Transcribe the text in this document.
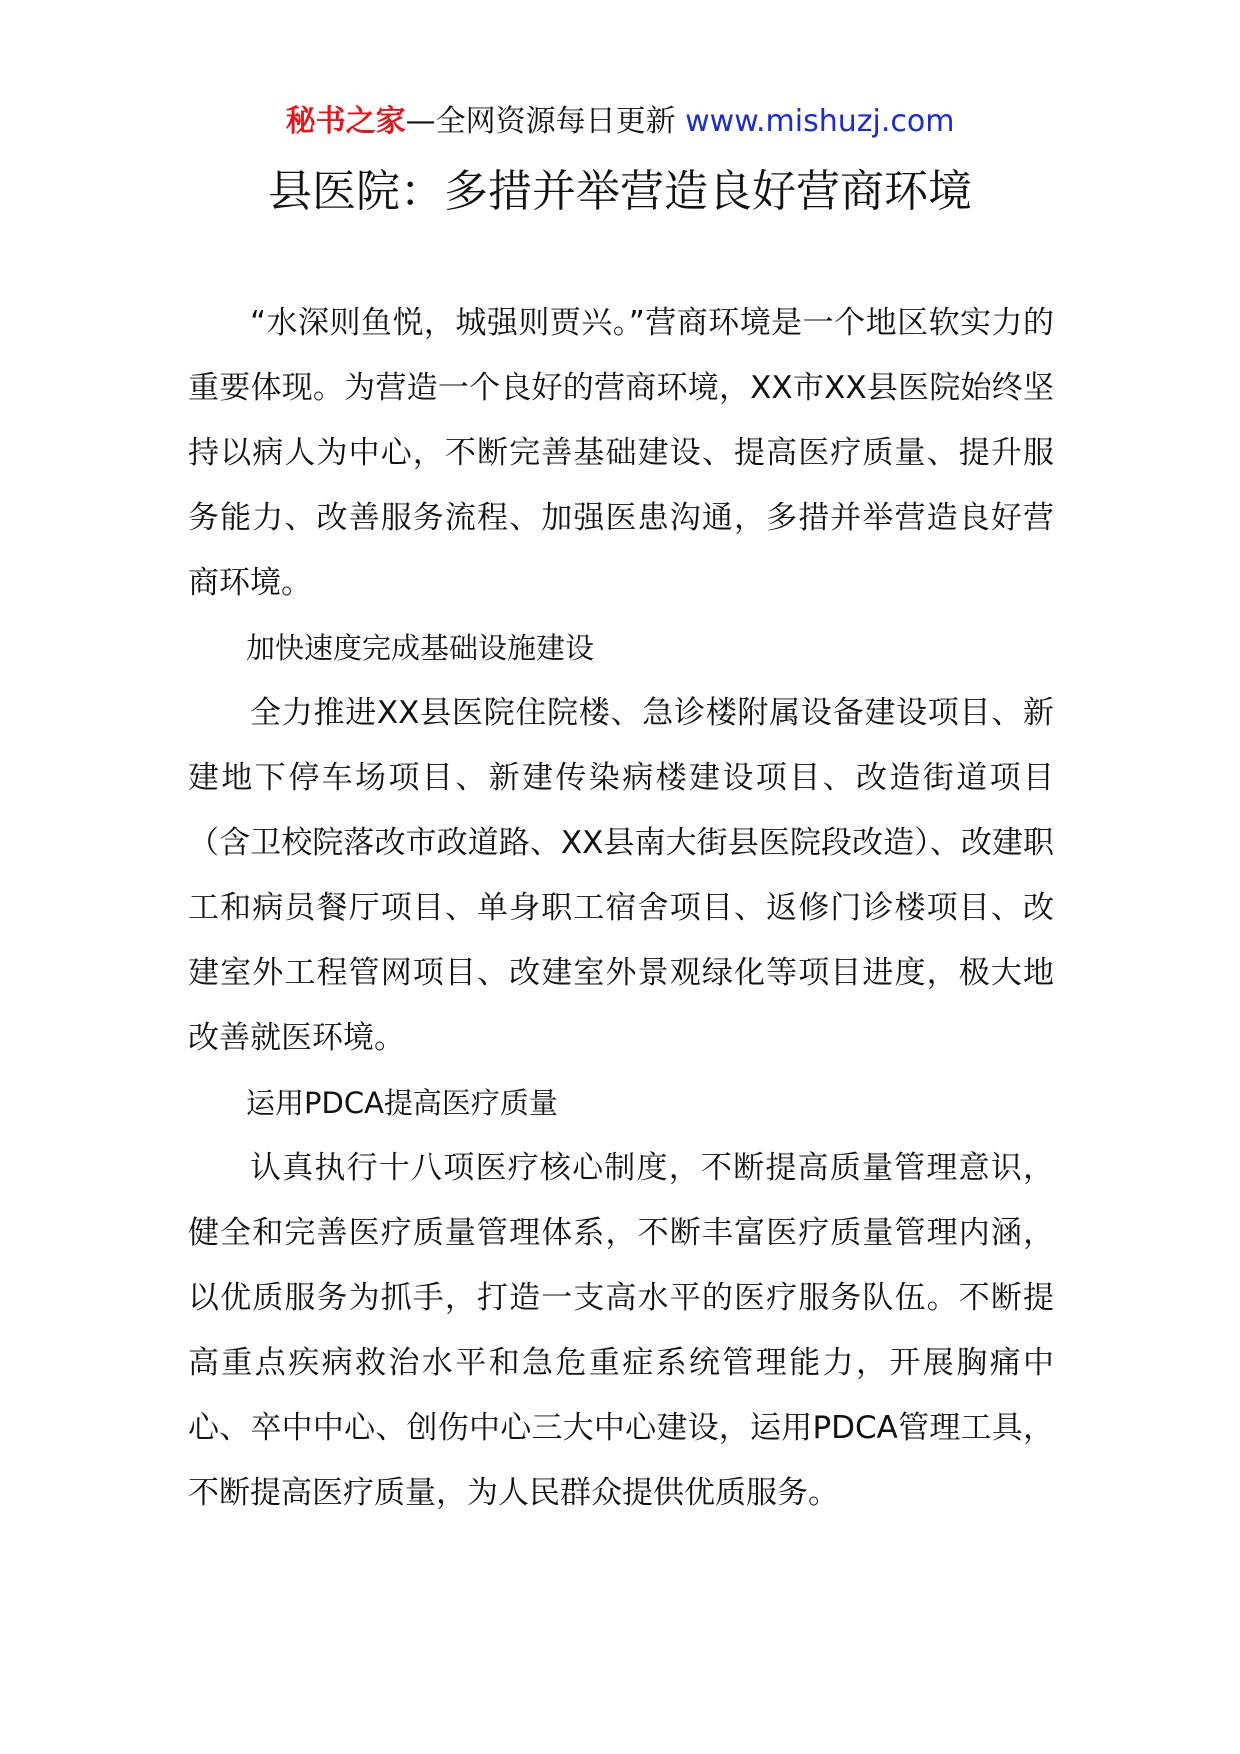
秘书之家—全网资源每日更新 www.mishuzj.com
县医院：多措并举营造良好营商环境

“水深则鱼悦，城强则贾兴。”营商环境是一个地区软实力的重要体现。为营造一个良好的营商环境，XX市XX县医院始终坚持以病人为中心，不断完善基础建设、提高医疗质量、提升服务能力、改善服务流程、加强医患沟通，多措并举营造良好营商环境。

加快速度完成基础设施建设

全力推进XX县医院住院楼、急诊楼附属设备建设项目、新建地下停车场项目、新建传染病楼建设项目、改造街道项目（含卫校院落改市政道路、XX县南大街县医院段改造）、改建职工和病员餐厅项目、单身职工宿舍项目、返修门诊楼项目、改建室外工程管网项目、改建室外景观绿化等项目进度，极大地改善就医环境。

运用PDCA提高医疗质量

认真执行十八项医疗核心制度，不断提高质量管理意识，健全和完善医疗质量管理体系，不断丰富医疗质量管理内涵，以优质服务为抓手，打造一支高水平的医疗服务队伍。不断提高重点疾病救治水平和急危重症系统管理能力，开展胸痛中心、卒中中心、创伤中心三大中心建设，运用PDCA管理工具，不断提高医疗质量，为人民群众提供优质服务。
